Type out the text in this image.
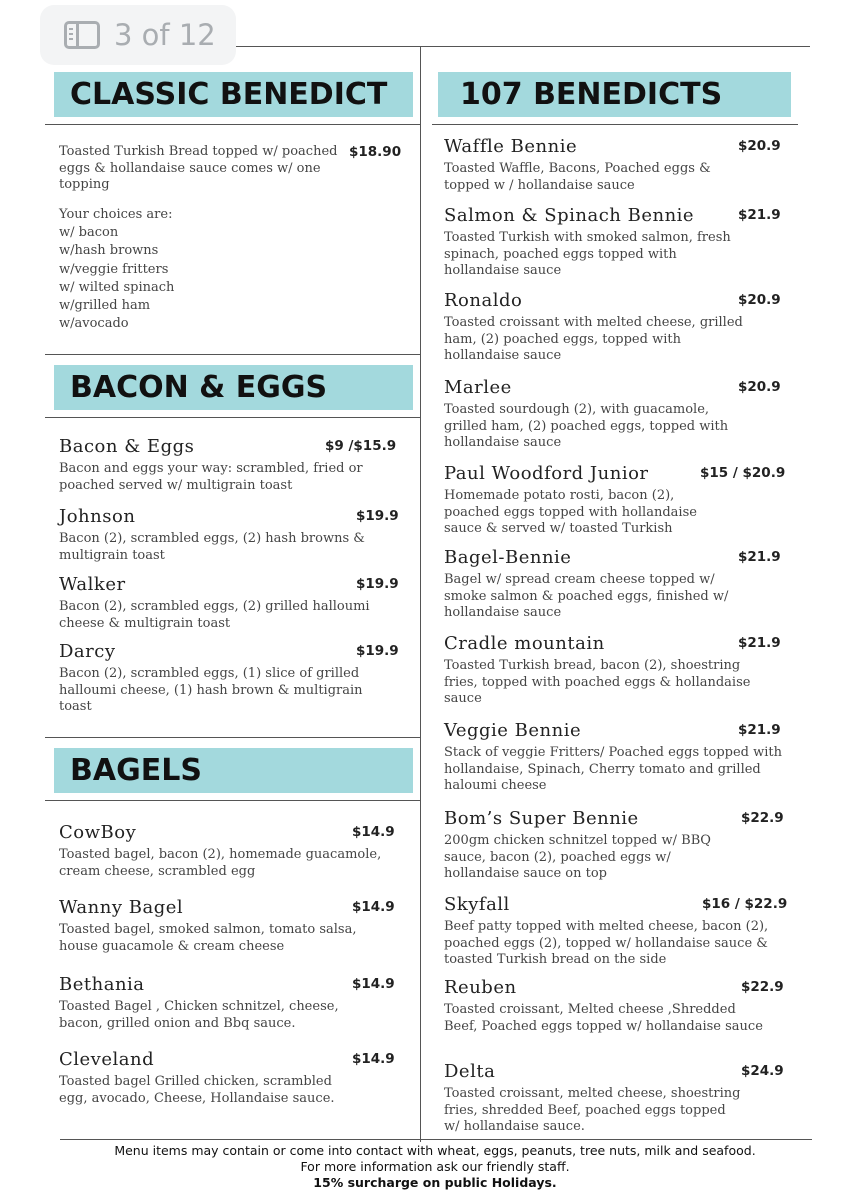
3 of 12
CLASSIC BENEDICT	107 BENEDICTS
BACON & EGGS
BAGELS
Toasted Turkish Bread topped w/ poached eggs & hollandaise sauce comes w/ one topping
$18.90
Your choices are:
w/ bacon
w/hash browns
w/veggie fritters
w/ wilted spinach
w/grilled ham
w/avocado
Bacon & Eggs	$9 /$15.9
Bacon and eggs your way: scrambled, fried or poached served w/ multigrain toast
Johnson	$19.9
Bacon (2), scrambled eggs, (2) hash browns & multigrain toast
Walker	$19.9
Bacon (2), scrambled eggs, (2) grilled halloumi cheese & multigrain toast
Darcy	$19.9
Bacon (2), scrambled eggs, (1) slice of grilled halloumi cheese, (1) hash brown & multigrain toast
CowBoy	$14.9
Toasted bagel, bacon (2), homemade guacamole, cream cheese, scrambled egg
Wanny Bagel	$14.9
Toasted bagel, smoked salmon, tomato salsa, house guacamole & cream cheese
Bethania	$14.9
Toasted Bagel , Chicken schnitzel, cheese, bacon, grilled onion and Bbq sauce.
Cleveland	$14.9
Toasted bagel Grilled chicken, scrambled egg, avocado, Cheese, Hollandaise sauce.
Waffle Bennie	$20.9
Toasted Waffle, Bacons, Poached eggs & topped w / hollandaise sauce
Salmon & Spinach Bennie	$21.9
Toasted Turkish with smoked salmon, fresh spinach, poached eggs topped with hollandaise sauce
Ronaldo	$20.9
Toasted croissant with melted cheese, grilled ham, (2) poached eggs, topped with hollandaise sauce
Marlee	$20.9
Toasted sourdough (2), with guacamole, grilled ham, (2) poached eggs, topped with hollandaise sauce
Paul Woodford Junior	$15 / $20.9
Homemade potato rosti, bacon (2), poached eggs topped with hollandaise sauce & served w/ toasted Turkish
Bagel-Bennie	$21.9
Bagel w/ spread cream cheese topped w/ smoke salmon & poached eggs, finished w/ hollandaise sauce
Cradle mountain	$21.9
Toasted Turkish bread, bacon (2), shoestring fries, topped with poached eggs & hollandaise sauce
Veggie Bennie	$21.9
Stack of veggie Fritters/ Poached eggs topped with hollandaise, Spinach, Cherry tomato and grilled haloumi cheese
Bom’s Super Bennie	$22.9
200gm chicken schnitzel topped w/ BBQ sauce, bacon (2), poached eggs w/ hollandaise sauce on top
Skyfall	$16 / $22.9
Beef patty topped with melted cheese, bacon (2), poached eggs (2), topped w/ hollandaise sauce & toasted Turkish bread on the side
Reuben	$22.9
Toasted croissant, Melted cheese ,Shredded Beef, Poached eggs topped w/ hollandaise sauce
Delta	$24.9
Toasted croissant, melted cheese, shoestring fries, shredded Beef, poached eggs topped w/ hollandaise sauce.
Menu items may contain or come into contact with wheat, eggs, peanuts, tree nuts, milk and seafood.
For more information ask our friendly staff.
15% surcharge on public Holidays.
